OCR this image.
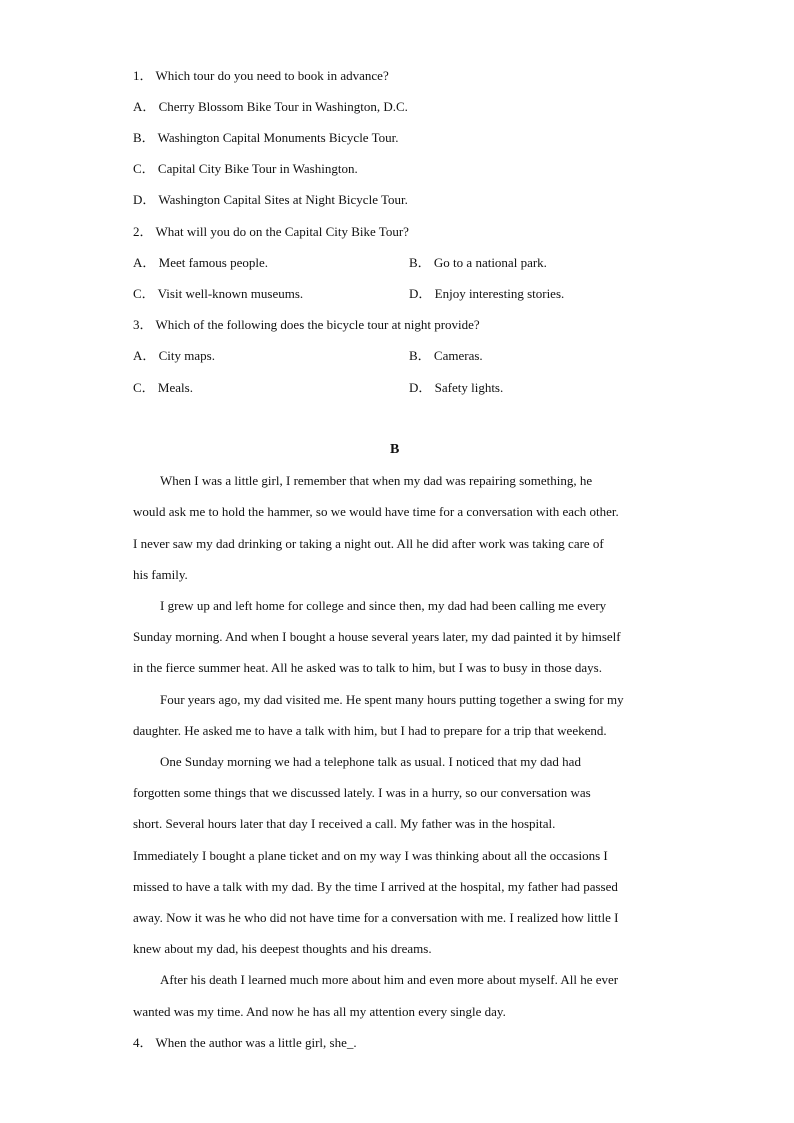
1． Which tour do you need to book in advance?
A． Cherry Blossom Bike Tour in Washington, D.C.
B． Washington Capital Monuments Bicycle Tour.
C． Capital City Bike Tour in Washington.
D． Washington Capital Sites at Night Bicycle Tour.
2． What will you do on the Capital City Bike Tour?
A． Meet famous people.	B． Go to a national park.
C． Visit well-known museums.	D． Enjoy interesting stories.
3． Which of the following does the bicycle tour at night provide?
A． City maps.	B． Cameras.
C． Meals.	D． Safety lights.
B
When I was a little girl, I remember that when my dad was repairing something, he
would ask me to hold the hammer, so we would have time for a conversation with each other.
I never saw my dad drinking or taking a night out. All he did after work was taking care of
his family.
I grew up and left home for college and since then, my dad had been calling me every
Sunday morning. And when I bought a house several years later, my dad painted it by himself
in the fierce summer heat. All he asked was to talk to him, but I was to busy in those days.
Four years ago, my dad visited me. He spent many hours putting together a swing for my
daughter. He asked me to have a talk with him, but I had to prepare for a trip that weekend.
One Sunday morning we had a telephone talk as usual. I noticed that my dad had
forgotten some things that we discussed lately. I was in a hurry, so our conversation was
short. Several hours later that day I received a call. My father was in the hospital.
Immediately I bought a plane ticket and on my way I was thinking about all the occasions I
missed to have a talk with my dad. By the time I arrived at the hospital, my father had passed
away. Now it was he who did not have time for a conversation with me. I realized how little I
knew about my dad, his deepest thoughts and his dreams.
After his death I learned much more about him and even more about myself. All he ever
wanted was my time. And now he has all my attention every single day.
4． When the author was a little girl, she_.
